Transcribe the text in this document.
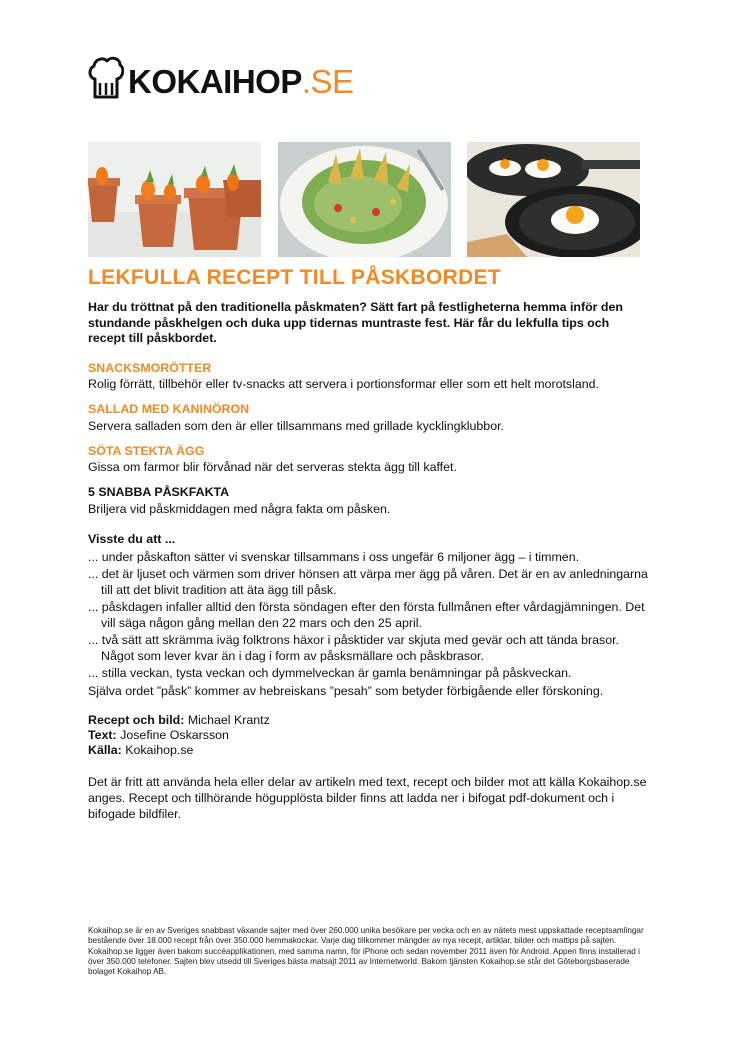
KOKAIHOP.SE
LEKFULLA RECEPT TILL PÅSKBORDET

Har du tröttnat på den traditionella påskmaten? Sätt fart på festligheterna hemma inför den stundande påskhelgen och duka upp tidernas muntraste fest. Här får du lekfulla tips och recept till påskbordet.

SNACKSMORÖTTER
Rolig förrätt, tillbehör eller tv-snacks att servera i portionsformar eller som ett helt morotsland.
SALLAD MED KANINÖRON
Servera salladen som den är eller tillsammans med grillade kycklingklubbor.
SÖTA STEKTA ÄGG
Gissa om farmor blir förvånad när det serveras stekta ägg till kaffet.
5 SNABBA PÅSKFAKTA
Briljera vid påskmiddagen med några fakta om påsken.
Visste du att ...
... under påskafton sätter vi svenskar tillsammans i oss ungefär 6 miljoner ägg – i timmen.
... det är ljuset och värmen som driver hönsen att värpa mer ägg på våren. Det är en av anledningarna till att det blivit tradition att äta ägg till påsk.
... påskdagen infaller alltid den första söndagen efter den första fullmånen efter vårdagjämningen. Det vill säga någon gång mellan den 22 mars och den 25 april.
... två sätt att skrämma iväg folktrons häxor i påsktider var skjuta med gevär och att tända brasor. Något som lever kvar än i dag i form av påsksmällare och påskbrasor.
... stilla veckan, tysta veckan och dymmelveckan är gamla benämningar på påskveckan.
Själva ordet ”påsk” kommer av hebreiskans ”pesah” som betyder förbigående eller förskoning.
Recept och bild: Michael Krantz
Text: Josefine Oskarsson
Källa: Kokaihop.se
Det är fritt att använda hela eller delar av artikeln med text, recept och bilder mot att källa Kokaihop.se anges. Recept och tillhörande högupplösta bilder finns att ladda ner i bifogat pdf-dokument och i bifogade bildfiler.
Kokaihop.se är en av Sveriges snabbast växande sajter med över 260.000 unika besökare per vecka och en av nätets mest uppskattade receptsamlingar bestående över 18.000 recept från över 350.000 hemmakockar. Varje dag tillkommer mängder av nya recept, artiklar, bilder och mattips på sajten. Kokaihop.se ligger även bakom succéapplikationen, med samma namn, för iPhone och sedan november 2011 även för Android. Appen finns installerad i över 350.000 telefoner. Sajten blev utsedd till Sveriges bästa matsajt 2011 av Internetworld. Bakom tjänsten Kokaihop.se står det Göteborgsbaserade bolaget Kokaihop AB.
